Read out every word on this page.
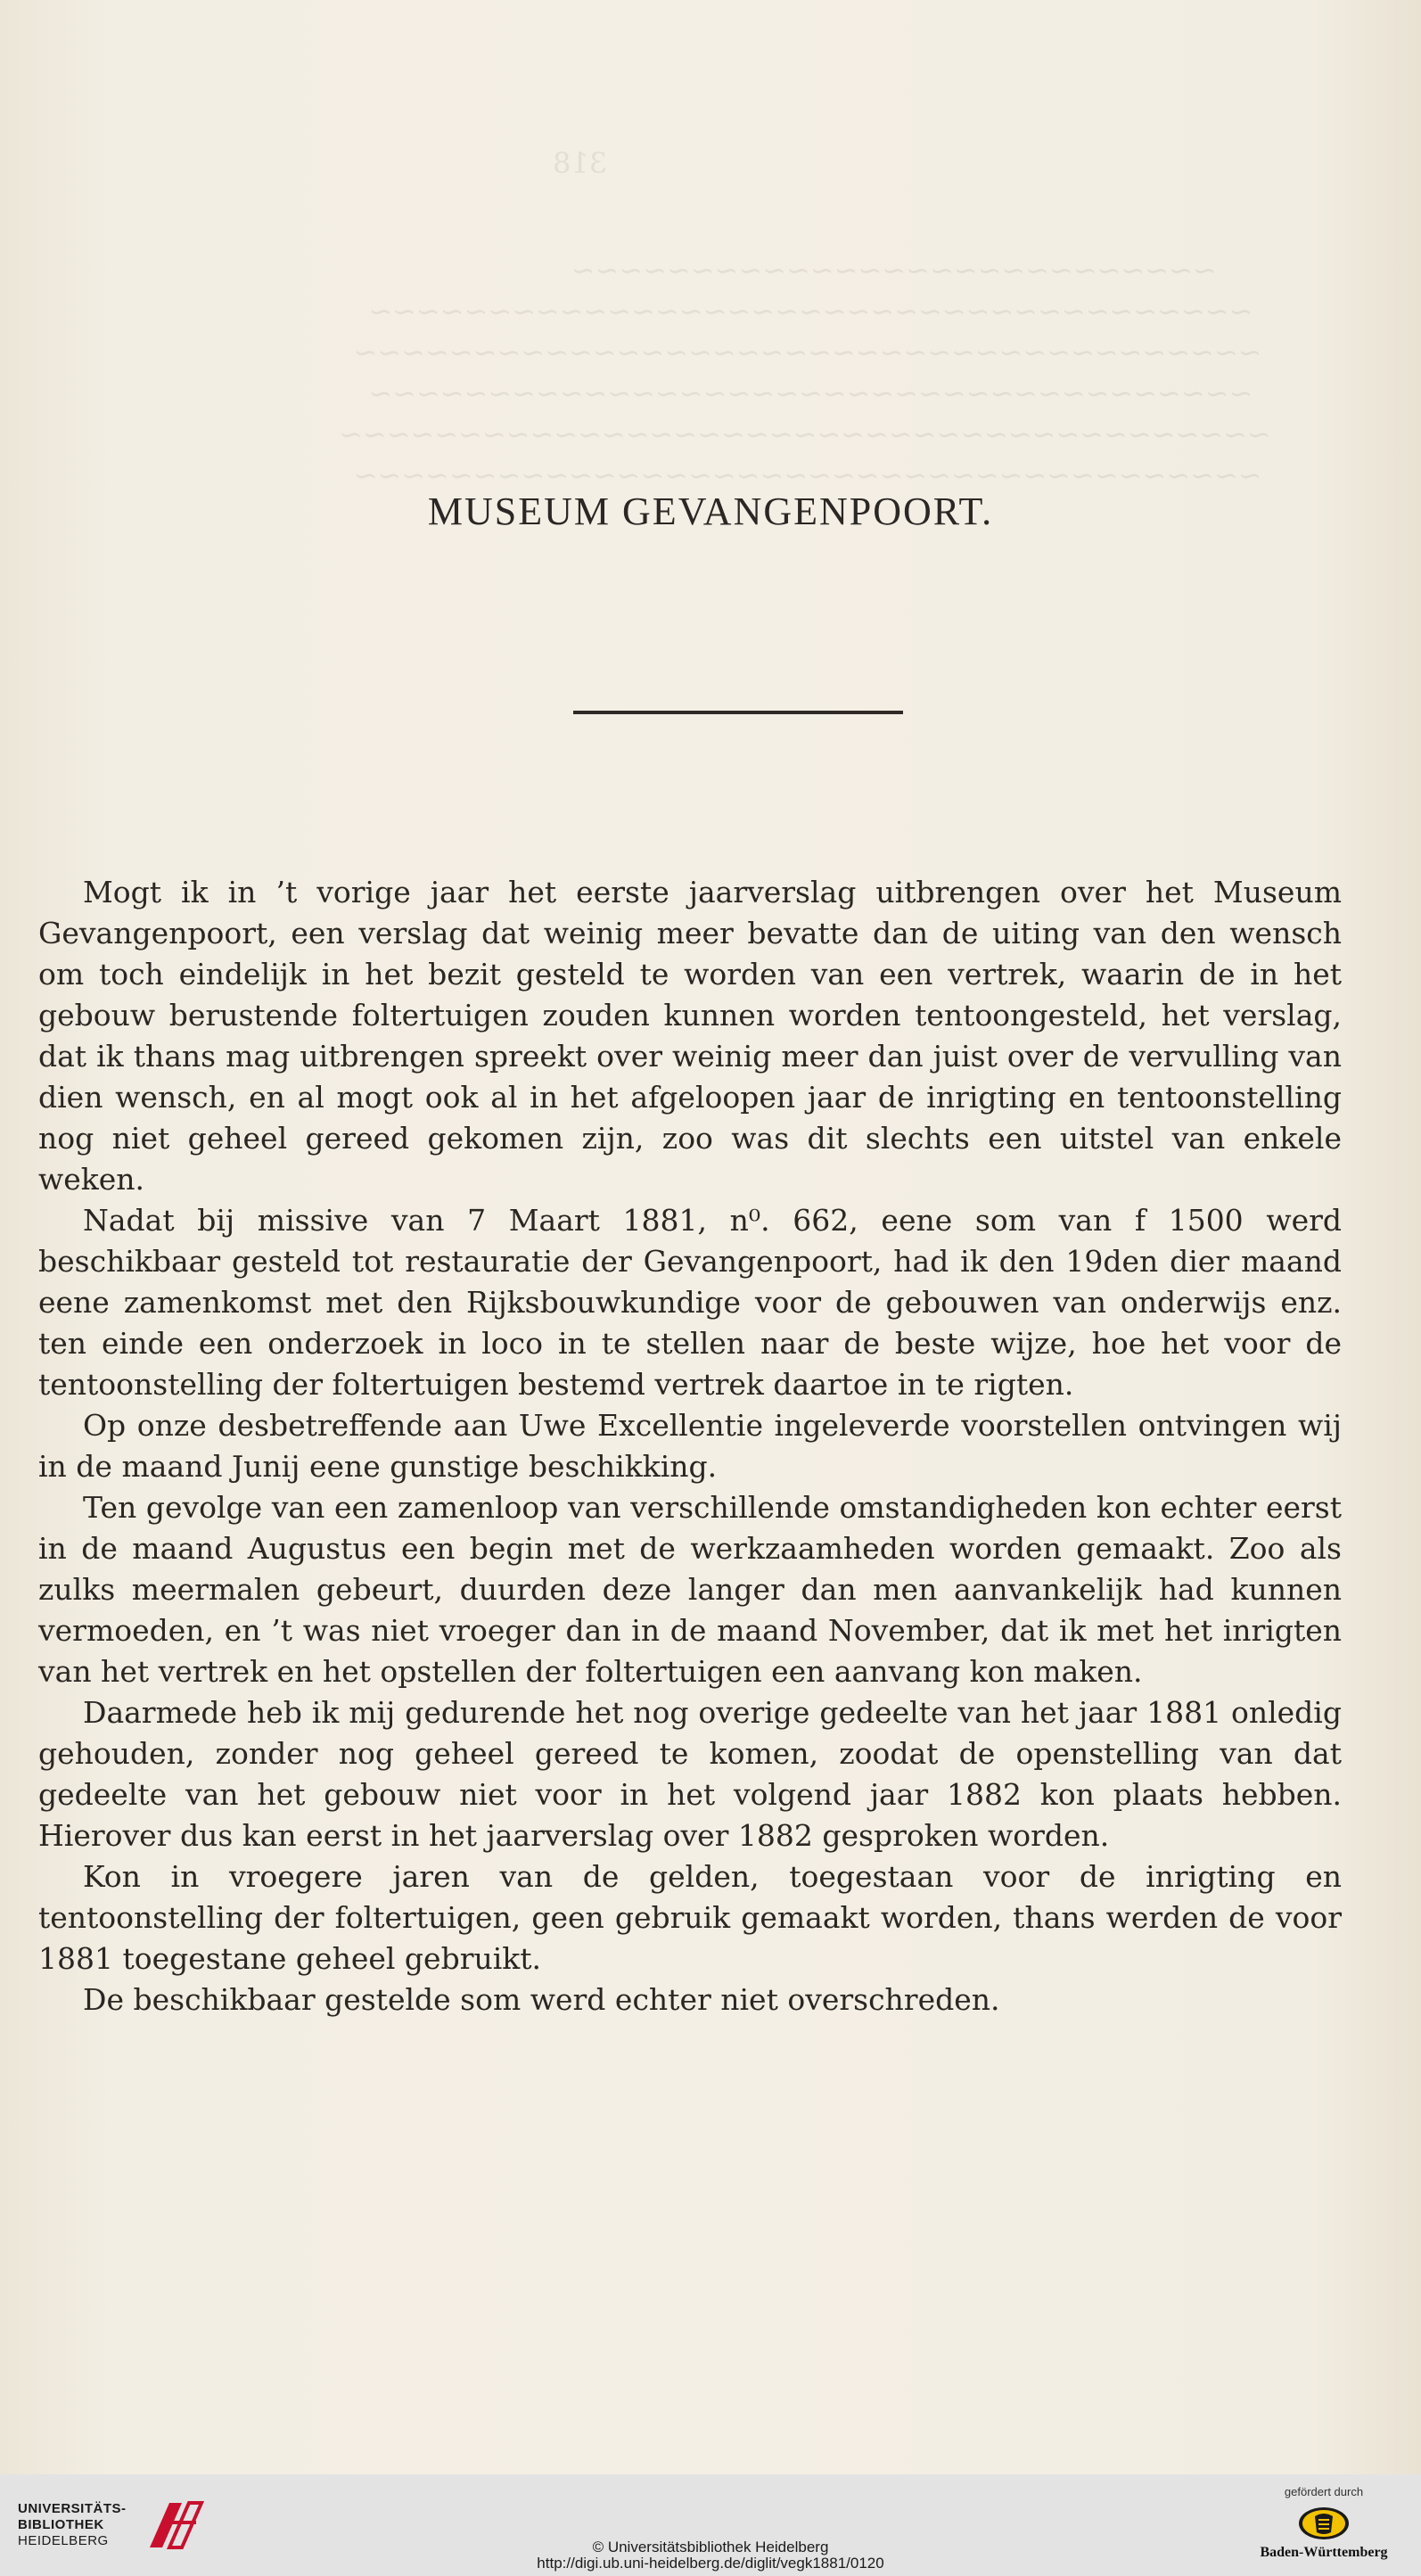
318
~~~~~~~~~~~~~~~~~~~~~~~~~~~
~~~~~~~~~~~~~~~~~~~~~~~~~~~~~~~~~~~~~
~~~~~~~~~~~~~~~~~~~~~~~~~~~~~~~~~~~~~~
~~~~~~~~~~~~~~~~~~~~~~~~~~~~~~~~~~~~~
~~~~~~~~~~~~~~~~~~~~~~~~~~~~~~~~~~~~~~~
~~~~~~~~~~~~~~~~~~~~~~~~~~~~~~~~~~~~~~
MUSEUM GEVANGENPOORT.

Mogt ik in ’t vorige jaar het eerste jaarverslag uitbrengen over het Museum Gevangenpoort, een verslag dat weinig meer bevatte dan de uiting van den wensch om toch eindelijk in het bezit gesteld te worden van een vertrek, waarin de in het gebouw berustende foltertuigen zouden kunnen worden tentoongesteld, het verslag, dat ik thans mag uitbrengen spreekt over weinig meer dan juist over de vervulling van dien wensch, en al mogt ook al in het afgeloopen jaar de inrigting en tentoonstelling nog niet geheel gereed gekomen zijn, zoo was dit slechts een uitstel van enkele weken.

Nadat bij missive van 7 Maart 1881, n⁰. 662, eene som van f 1500 werd beschikbaar gesteld tot restauratie der Gevangenpoort, had ik den 19den dier maand eene zamenkomst met den Rijksbouwkundige voor de gebouwen van onderwijs enz. ten einde een onderzoek in loco in te stellen naar de beste wijze, hoe het voor de tentoonstelling der foltertuigen bestemd vertrek daartoe in te rigten.

Op onze desbetreffende aan Uwe Excellentie ingeleverde voorstellen ontvingen wij in de maand Junij eene gunstige beschikking.

Ten gevolge van een zamenloop van verschillende omstandigheden kon echter eerst in de maand Augustus een begin met de werkzaamheden worden gemaakt. Zoo als zulks meermalen gebeurt, duurden deze langer dan men aanvankelijk had kunnen vermoeden, en ’t was niet vroeger dan in de maand November, dat ik met het inrigten van het vertrek en het opstellen der foltertuigen een aanvang kon maken.

Daarmede heb ik mij gedurende het nog overige gedeelte van het jaar 1881 onledig gehouden, zonder nog geheel gereed te komen, zoodat de openstelling van dat gedeelte van het gebouw niet voor in het volgend jaar 1882 kon plaats hebben. Hierover dus kan eerst in het jaarverslag over 1882 gesproken worden.

Kon in vroegere jaren van de gelden, toegestaan voor de inrigting en tentoonstelling der foltertuigen, geen gebruik gemaakt worden, thans werden de voor 1881 toegestane geheel gebruikt.

De beschikbaar gestelde som werd echter niet overschreden.

UNIVERSITÄTS-
BIBLIOTHEK
HEIDELBERG	© Universitätsbibliothek Heidelberg
http://digi.ub.uni-heidelberg.de/diglit/vegk1881/0120
gefördert durch
Baden-Württemberg
